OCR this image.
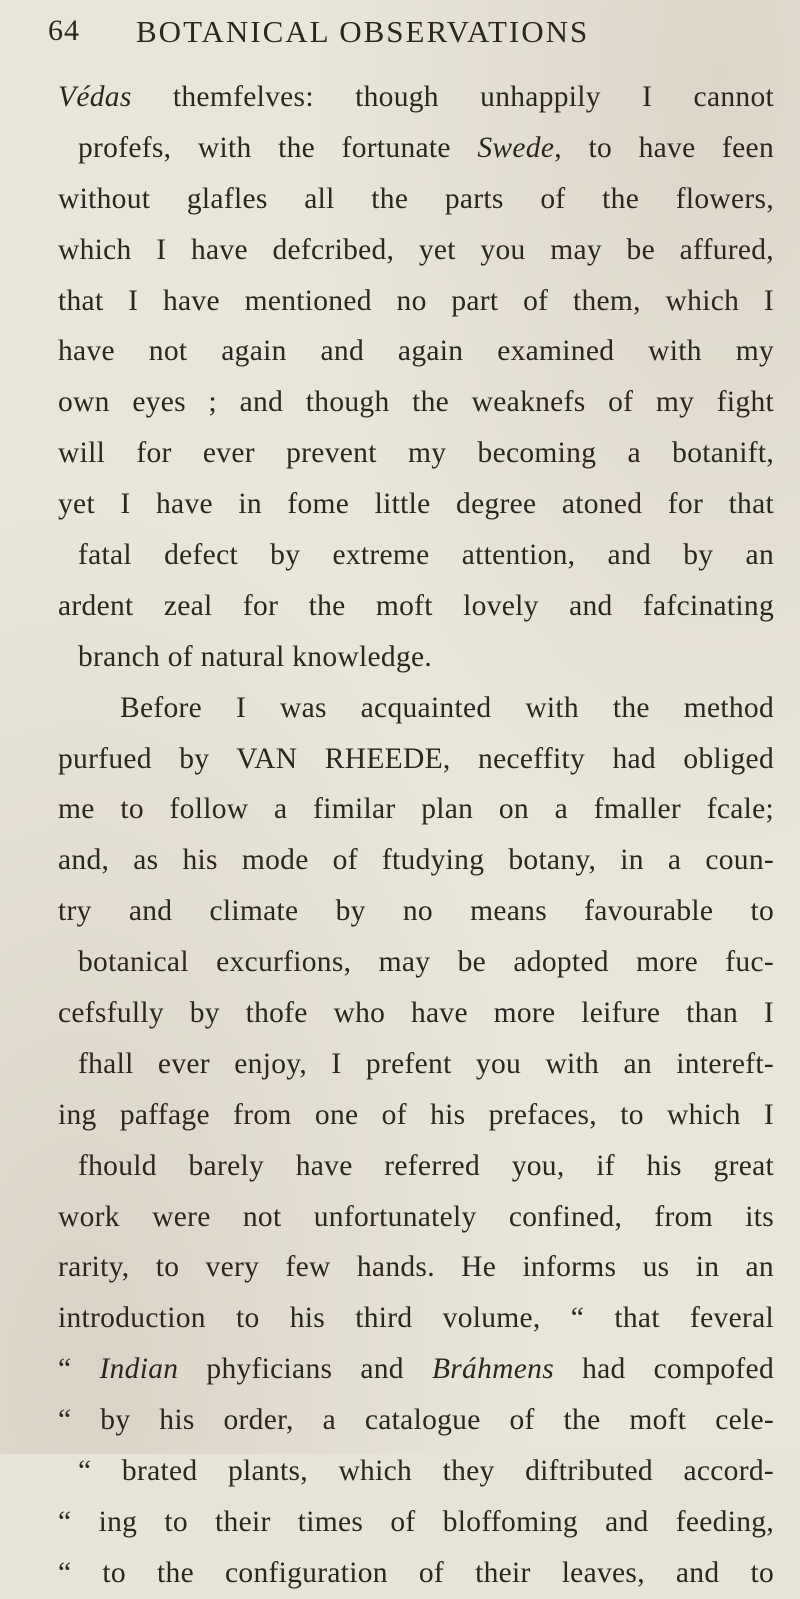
64 BOTANICAL OBSERVATIONS
Védas themfelves: though unhappily I cannot
profefs, with the fortunate Swede, to have feen
without glafles all the parts of the flowers,
which I have defcribed, yet you may be affured,
that I have mentioned no part of them, which I
have not again and again examined with my
own eyes ; and though the weaknefs of my fight
will for ever prevent my becoming a botanift,
yet I have in fome little degree atoned for that
fatal defect by extreme attention, and by an
ardent zeal for the moft lovely and fafcinating
branch of natural knowledge.
Before I was acquainted with the method
purfued by VAN RHEEDE, neceffity had obliged
me to follow a fimilar plan on a fmaller fcale;
and, as his mode of ftudying botany, in a coun-
try and climate by no means favourable to
botanical excurfions, may be adopted more fuc-
cefsfully by thofe who have more leifure than I
fhall ever enjoy, I prefent you with an intereft-
ing paffage from one of his prefaces, to which I
fhould barely have referred you, if his great
work were not unfortunately confined, from its
rarity, to very few hands. He informs us in an
introduction to his third volume, “ that feveral
“ Indian phyficians and Bráhmens had compofed
“ by his order, a catalogue of the moft cele-
“ brated plants, which they diftributed accord-
“ ing to their times of bloffoming and feeding,
“ to the configuration of their leaves, and to
